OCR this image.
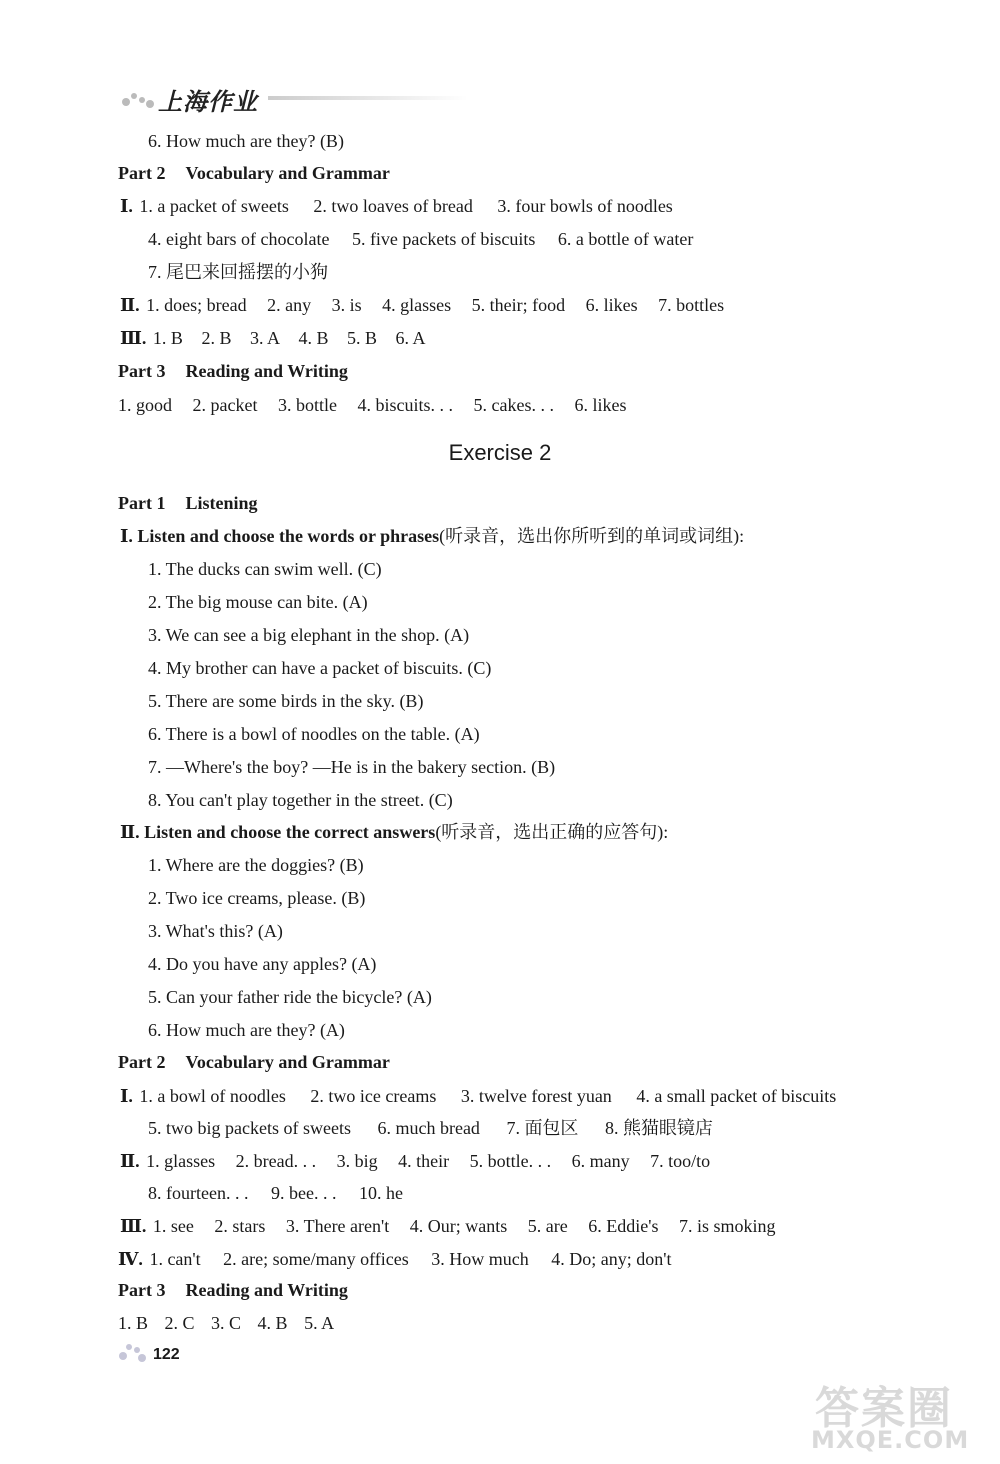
上海作业
6. How much are they? (B)
Part 2 Vocabulary and Grammar
Ⅰ. 1. a packet of sweets 2. two loaves of bread 3. four bowls of noodles
4. eight bars of chocolate 5. five packets of biscuits 6. a bottle of water
7. 尾巴来回摇摆的小狗
Ⅱ. 1. does; bread 2. any 3. is 4. glasses 5. their; food 6. likes 7. bottles
Ⅲ. 1. B 2. B 3. A 4. B 5. B 6. A
Part 3 Reading and Writing
1. good 2. packet 3. bottle 4. biscuits. . . 5. cakes. . . 6. likes
Exercise 2
Part 1 Listening
Ⅰ. Listen and choose the words or phrases(听录音，选出你所听到的单词或词组):
1. The ducks can swim well. (C)
2. The big mouse can bite. (A)
3. We can see a big elephant in the shop. (A)
4. My brother can have a packet of biscuits. (C)
5. There are some birds in the sky. (B)
6. There is a bowl of noodles on the table. (A)
7. —Where's the boy? —He is in the bakery section. (B)
8. You can't play together in the street. (C)
Ⅱ. Listen and choose the correct answers(听录音，选出正确的应答句):
1. Where are the doggies? (B)
2. Two ice creams, please. (B)
3. What's this? (A)
4. Do you have any apples? (A)
5. Can your father ride the bicycle? (A)
6. How much are they? (A)
Part 2 Vocabulary and Grammar
Ⅰ. 1. a bowl of noodles 2. two ice creams 3. twelve forest yuan 4. a small packet of biscuits
5. two big packets of sweets 6. much bread 7. 面包区 8. 熊猫眼镜店
Ⅱ. 1. glasses 2. bread. . . 3. big 4. their 5. bottle. . . 6. many 7. too/to
8. fourteen. . . 9. bee. . . 10. he
Ⅲ. 1. see 2. stars 3. There aren't 4. Our; wants 5. are 6. Eddie's 7. is smoking
Ⅳ. 1. can't 2. are; some/many offices 3. How much 4. Do; any; don't
Part 3 Reading and Writing
1. B 2. C 3. C 4. B 5. A
122
答案圈
MXQE.COM
